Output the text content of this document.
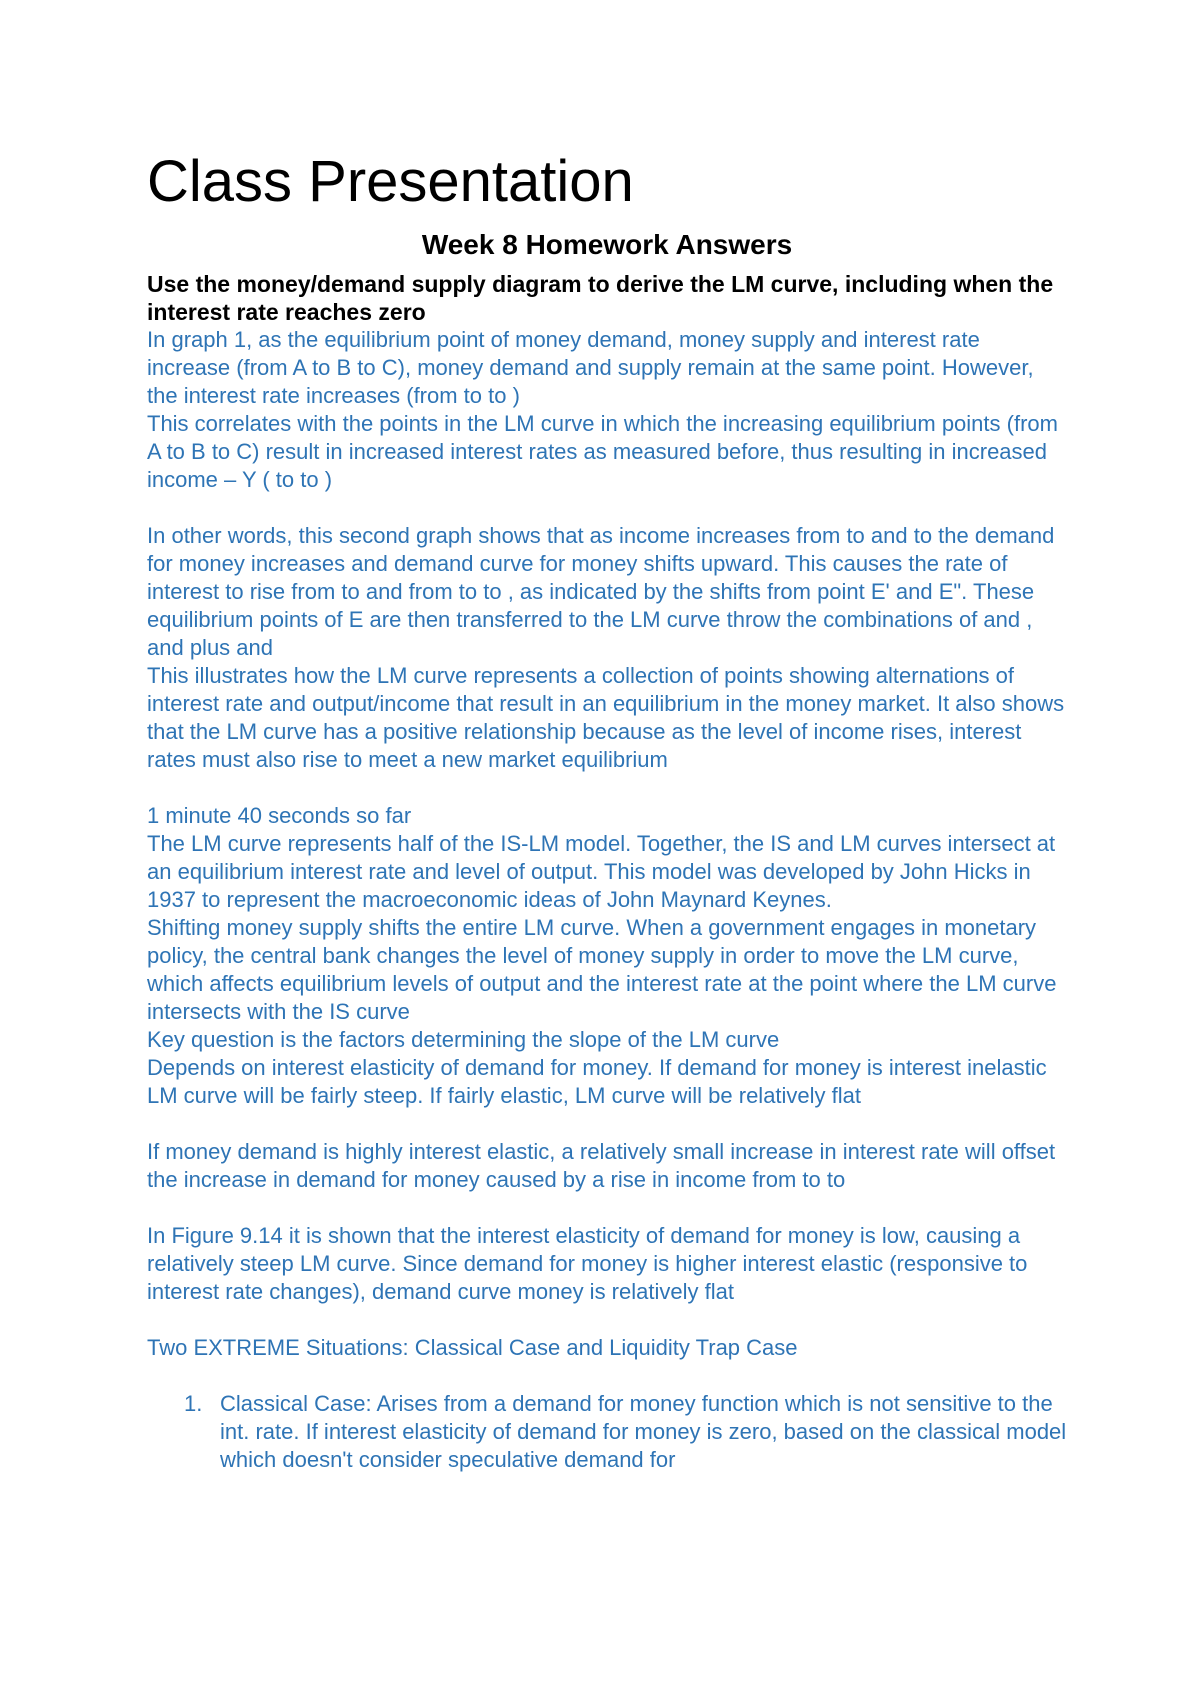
Class Presentation
Week 8 Homework Answers

Use the money/demand supply diagram to derive the LM curve, including when the interest rate reaches zero

In graph 1, as the equilibrium point of money demand, money supply and interest rate increase (from A to B to C), money demand and supply remain at the same point. However, the interest rate increases (from to to )

This correlates with the points in the LM curve in which the increasing equilibrium points (from A to B to C) result in increased interest rates as measured before, thus resulting in increased income – Y ( to to )

In other words, this second graph shows that as income increases from to and to the demand for money increases and demand curve for money shifts upward. This causes the rate of interest to rise from to and from to to , as indicated by the shifts from point E' and E". These equilibrium points of E are then transferred to the LM curve throw the combinations of and , and plus and

This illustrates how the LM curve represents a collection of points showing alternations of interest rate and output/income that result in an equilibrium in the money market. It also shows that the LM curve has a positive relationship because as the level of income rises, interest rates must also rise to meet a new market equilibrium

1 minute 40 seconds so far

The LM curve represents half of the IS-LM model. Together, the IS and LM curves intersect at an equilibrium interest rate and level of output. This model was developed by John Hicks in 1937 to represent the macroeconomic ideas of John Maynard Keynes.

Shifting money supply shifts the entire LM curve. When a government engages in monetary policy, the central bank changes the level of money supply in order to move the LM curve, which affects equilibrium levels of output and the interest rate at the point where the LM curve intersects with the IS curve

Key question is the factors determining the slope of the LM curve

Depends on interest elasticity of demand for money. If demand for money is interest inelastic LM curve will be fairly steep. If fairly elastic, LM curve will be relatively flat

If money demand is highly interest elastic, a relatively small increase in interest rate will offset the increase in demand for money caused by a rise in income from to to

In Figure 9.14 it is shown that the interest elasticity of demand for money is low, causing a relatively steep LM curve. Since demand for money is higher interest elastic (responsive to interest rate changes), demand curve money is relatively flat

Two EXTREME Situations: Classical Case and Liquidity Trap Case

1. Classical Case: Arises from a demand for money function which is not sensitive to the int. rate. If interest elasticity of demand for money is zero, based on the classical model which doesn't consider speculative demand for
